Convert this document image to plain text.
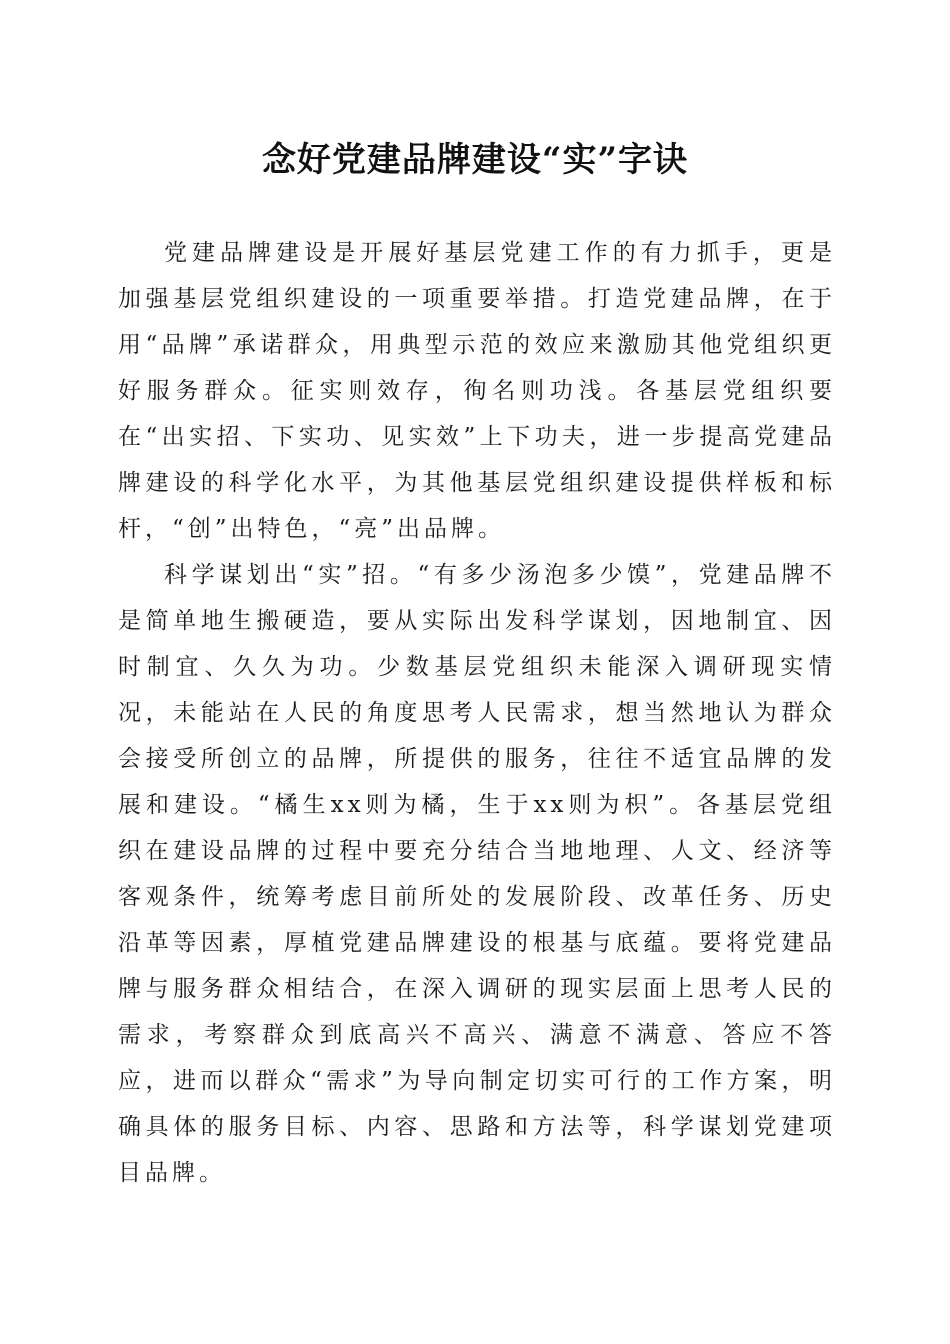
念好党建品牌建设“实”字诀

党建品牌建设是开展好基层党建工作的有力抓手，更是加强基层党组织建设的一项重要举措。打造党建品牌，在于用“品牌”承诺群众，用典型示范的效应来激励其他党组织更好服务群众。征实则效存，徇名则功浅。各基层党组织要在“出实招、下实功、见实效”上下功夫，进一步提高党建品牌建设的科学化水平，为其他基层党组织建设提供样板和标杆，“创”出特色，“亮”出品牌。

科学谋划出“实”招。“有多少汤泡多少馍”，党建品牌不是简单地生搬硬造，要从实际出发科学谋划，因地制宜、因时制宜、久久为功。少数基层党组织未能深入调研现实情况，未能站在人民的角度思考人民需求，想当然地认为群众会接受所创立的品牌，所提供的服务，往往不适宜品牌的发展和建设。“橘生xx则为橘，生于xx则为枳”。各基层党组织在建设品牌的过程中要充分结合当地地理、人文、经济等客观条件，统筹考虑目前所处的发展阶段、改革任务、历史沿革等因素，厚植党建品牌建设的根基与底蕴。要将党建品牌与服务群众相结合，在深入调研的现实层面上思考人民的需求，考察群众到底高兴不高兴、满意不满意、答应不答应，进而以群众“需求”为导向制定切实可行的工作方案，明确具体的服务目标、内容、思路和方法等，科学谋划党建项目品牌。
